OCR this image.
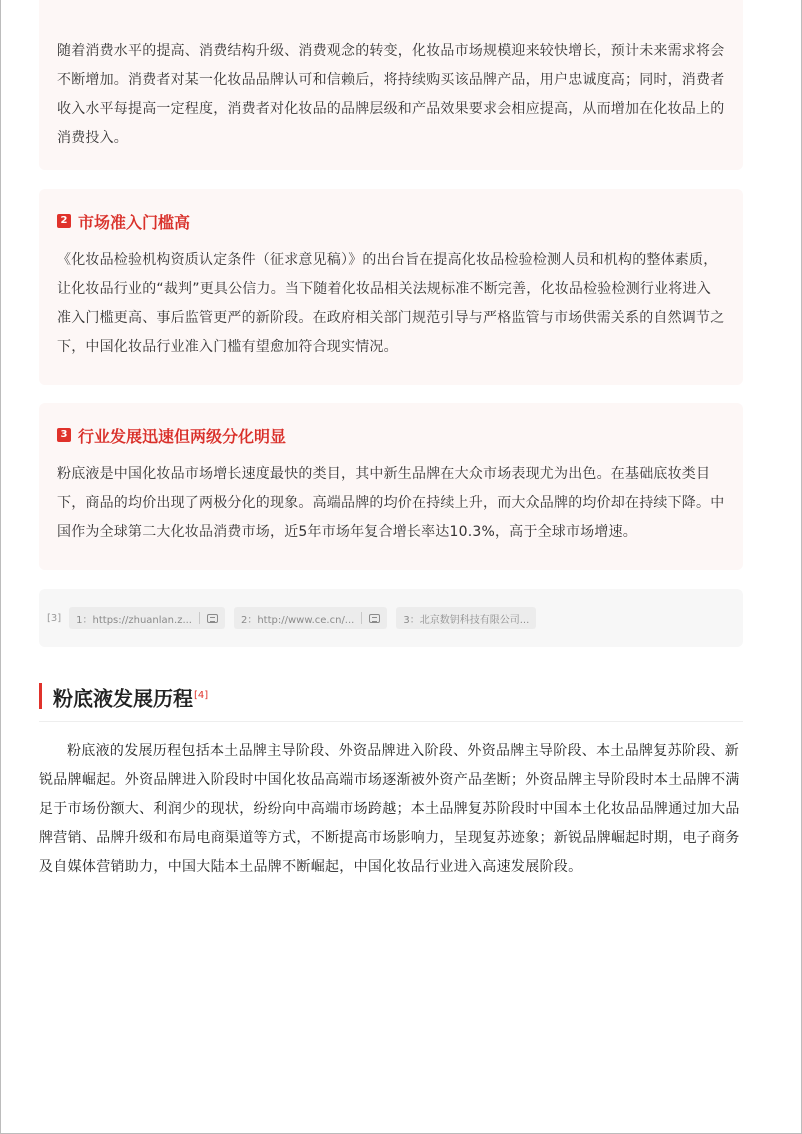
随着消费水平的提高、消费结构升级、消费观念的转变，化妆品市场规模迎来较快增长，预计未来需求将会不断增加。消费者对某一化妆品品牌认可和信赖后，将持续购买该品牌产品，用户忠诚度高；同时，消费者收入水平每提高一定程度，消费者对化妆品的品牌层级和产品效果要求会相应提高，从而增加在化妆品上的消费投入。

2 市场准入门槛高

《化妆品检验机构资质认定条件（征求意见稿）》的出台旨在提高化妆品检验检测人员和机构的整体素质，让化妆品行业的“裁判”更具公信力。当下随着化妆品相关法规标准不断完善，化妆品检验检测行业将进入准入门槛更高、事后监管更严的新阶段。在政府相关部门规范引导与严格监管与市场供需关系的自然调节之下，中国化妆品行业准入门槛有望愈加符合现实情况。

3 行业发展迅速但两级分化明显

粉底液是中国化妆品市场增长速度最快的类目，其中新生品牌在大众市场表现尤为出色。在基础底妆类目下，商品的均价出现了两极分化的现象。高端品牌的均价在持续上升，而大众品牌的均价却在持续下降。中国作为全球第二大化妆品消费市场，近5年市场年复合增长率达10.3%，高于全球市场增速。

[3] 1：https://zhuanlan.z...	2：http://www.ce.cn/...	3：北京数钥科技有限公司...
粉底液发展历程[4]

粉底液的发展历程包括本土品牌主导阶段、外资品牌进入阶段、外资品牌主导阶段、本土品牌复苏阶段、新锐品牌崛起。外资品牌进入阶段时中国化妆品高端市场逐渐被外资产品垄断；外资品牌主导阶段时本土品牌不满足于市场份额大、利润少的现状，纷纷向中高端市场跨越；本土品牌复苏阶段时中国本土化妆品品牌通过加大品牌营销、品牌升级和布局电商渠道等方式，不断提高市场影响力，呈现复苏迹象；新锐品牌崛起时期，电子商务及自媒体营销助力，中国大陆本土品牌不断崛起，中国化妆品行业进入高速发展阶段。
